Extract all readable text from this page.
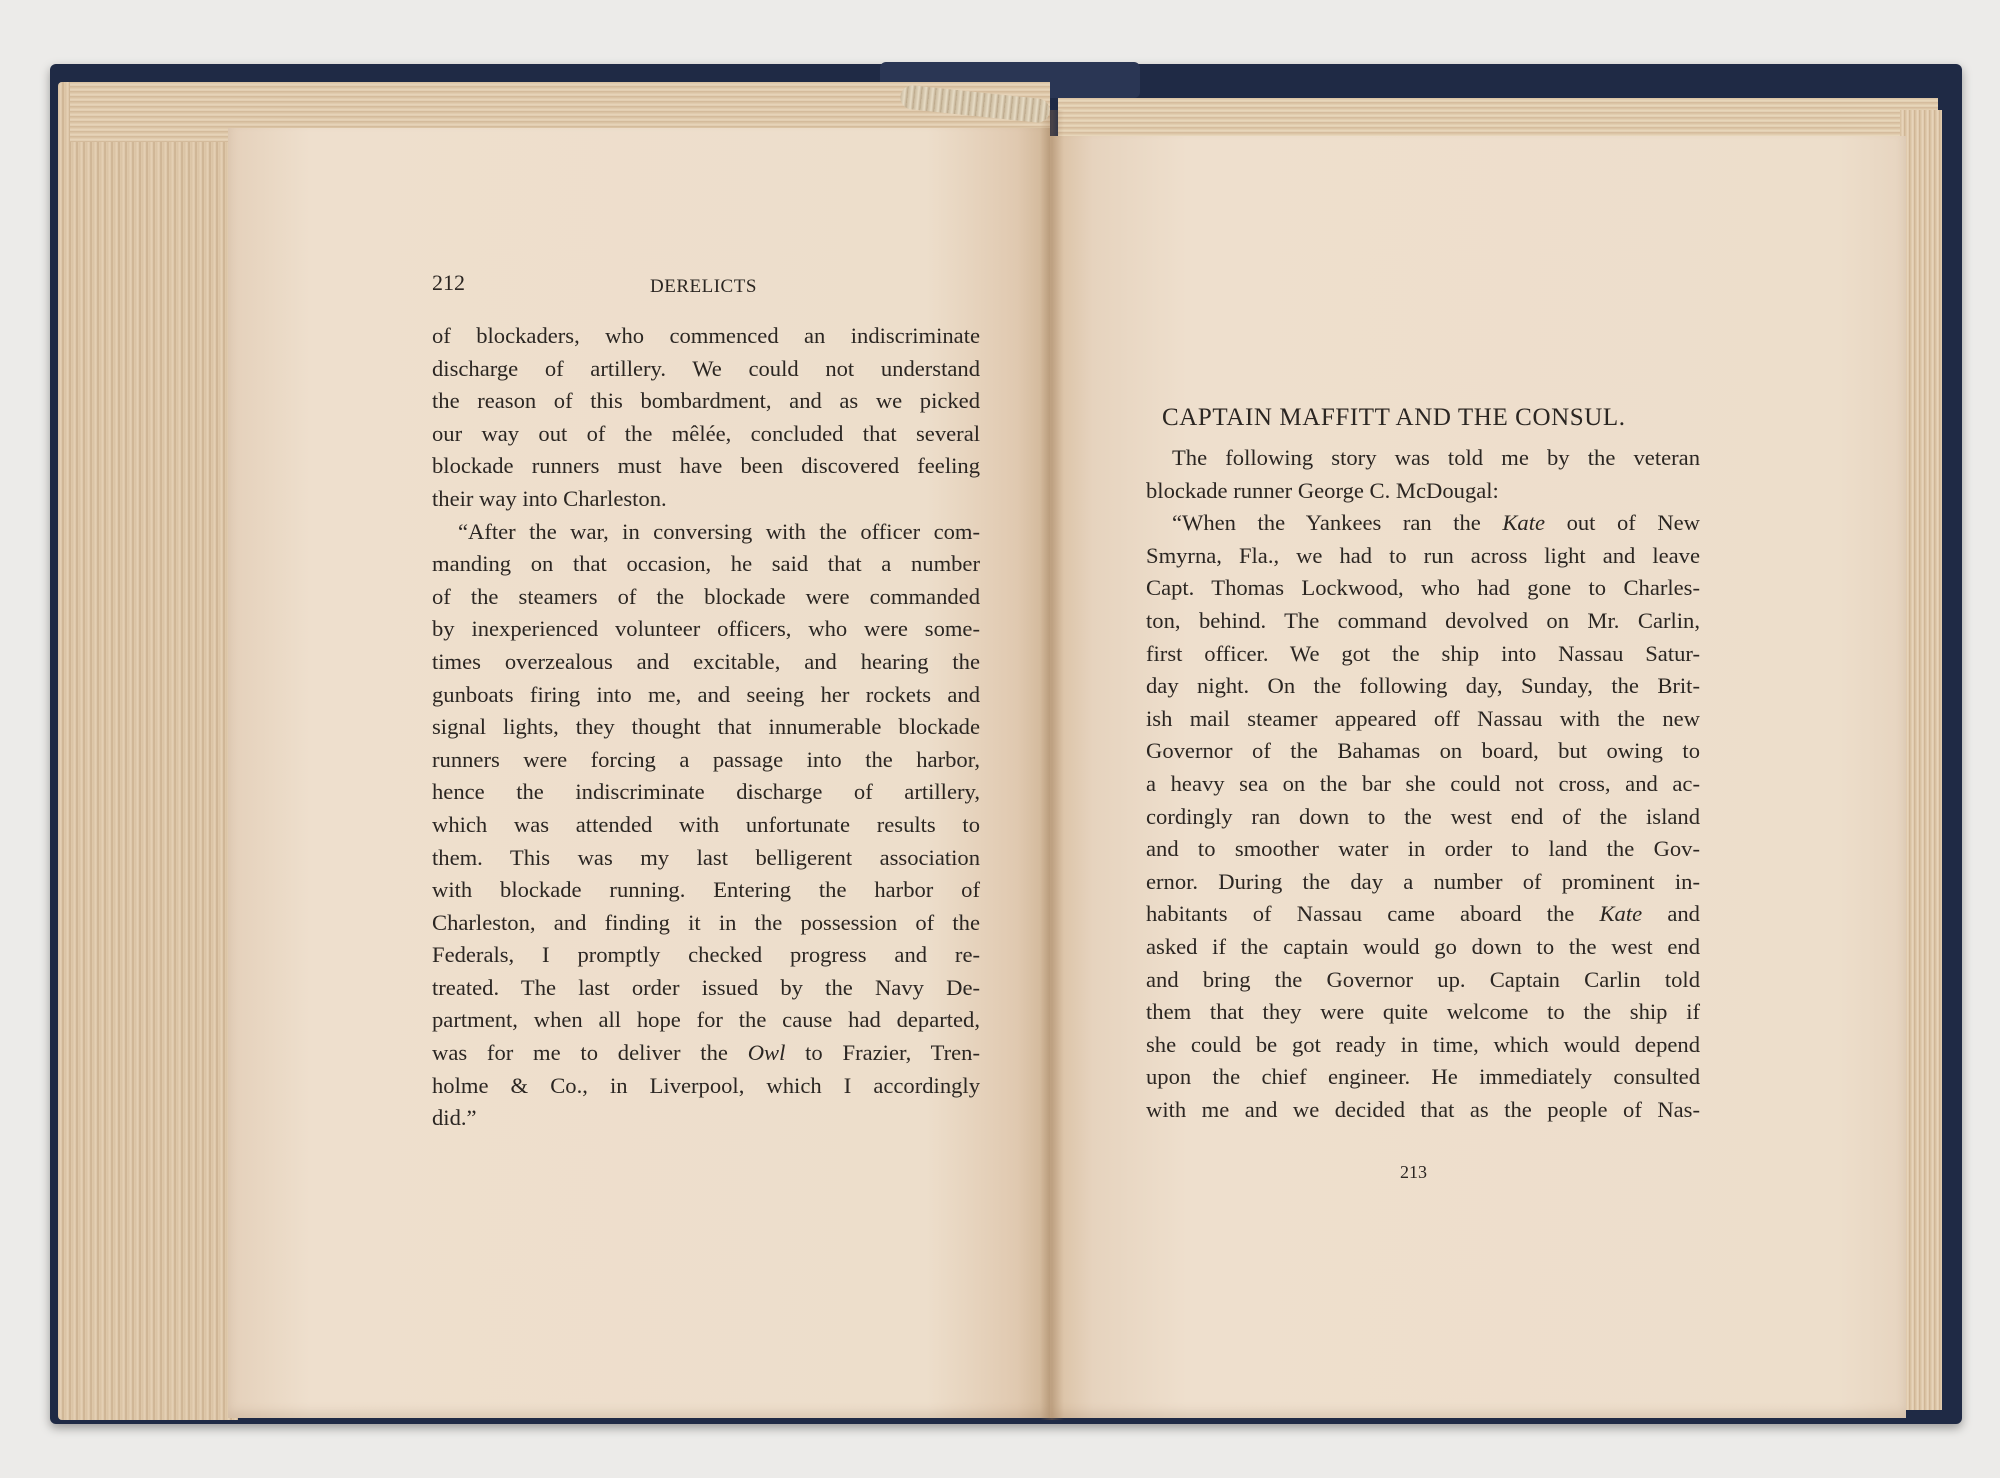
212	DERELICTS
of blockaders, who commenced an indiscriminate
discharge of artillery. We could not understand
the reason of this bombardment, and as we picked
our way out of the mêlée, concluded that several
blockade runners must have been discovered feeling
their way into Charleston.
“After the war, in conversing with the officer com-
manding on that occasion, he said that a number
of the steamers of the blockade were commanded
by inexperienced volunteer officers, who were some-
times overzealous and excitable, and hearing the
gunboats firing into me, and seeing her rockets and
signal lights, they thought that innumerable blockade
runners were forcing a passage into the harbor,
hence the indiscriminate discharge of artillery,
which was attended with unfortunate results to
them. This was my last belligerent association
with blockade running. Entering the harbor of
Charleston, and finding it in the possession of the
Federals, I promptly checked progress and re-
treated. The last order issued by the Navy De-
partment, when all hope for the cause had departed,
was for me to deliver the Owl to Frazier, Tren-
holme & Co., in Liverpool, which I accordingly
did.”
CAPTAIN MAFFITT AND THE CONSUL.
The following story was told me by the veteran
blockade runner George C. McDougal:
“When the Yankees ran the Kate out of New
Smyrna, Fla., we had to run across light and leave
Capt. Thomas Lockwood, who had gone to Charles-
ton, behind. The command devolved on Mr. Carlin,
first officer. We got the ship into Nassau Satur-
day night. On the following day, Sunday, the Brit-
ish mail steamer appeared off Nassau with the new
Governor of the Bahamas on board, but owing to
a heavy sea on the bar she could not cross, and ac-
cordingly ran down to the west end of the island
and to smoother water in order to land the Gov-
ernor. During the day a number of prominent in-
habitants of Nassau came aboard the Kate and
asked if the captain would go down to the west end
and bring the Governor up. Captain Carlin told
them that they were quite welcome to the ship if
she could be got ready in time, which would depend
upon the chief engineer. He immediately consulted
with me and we decided that as the people of Nas-
213
